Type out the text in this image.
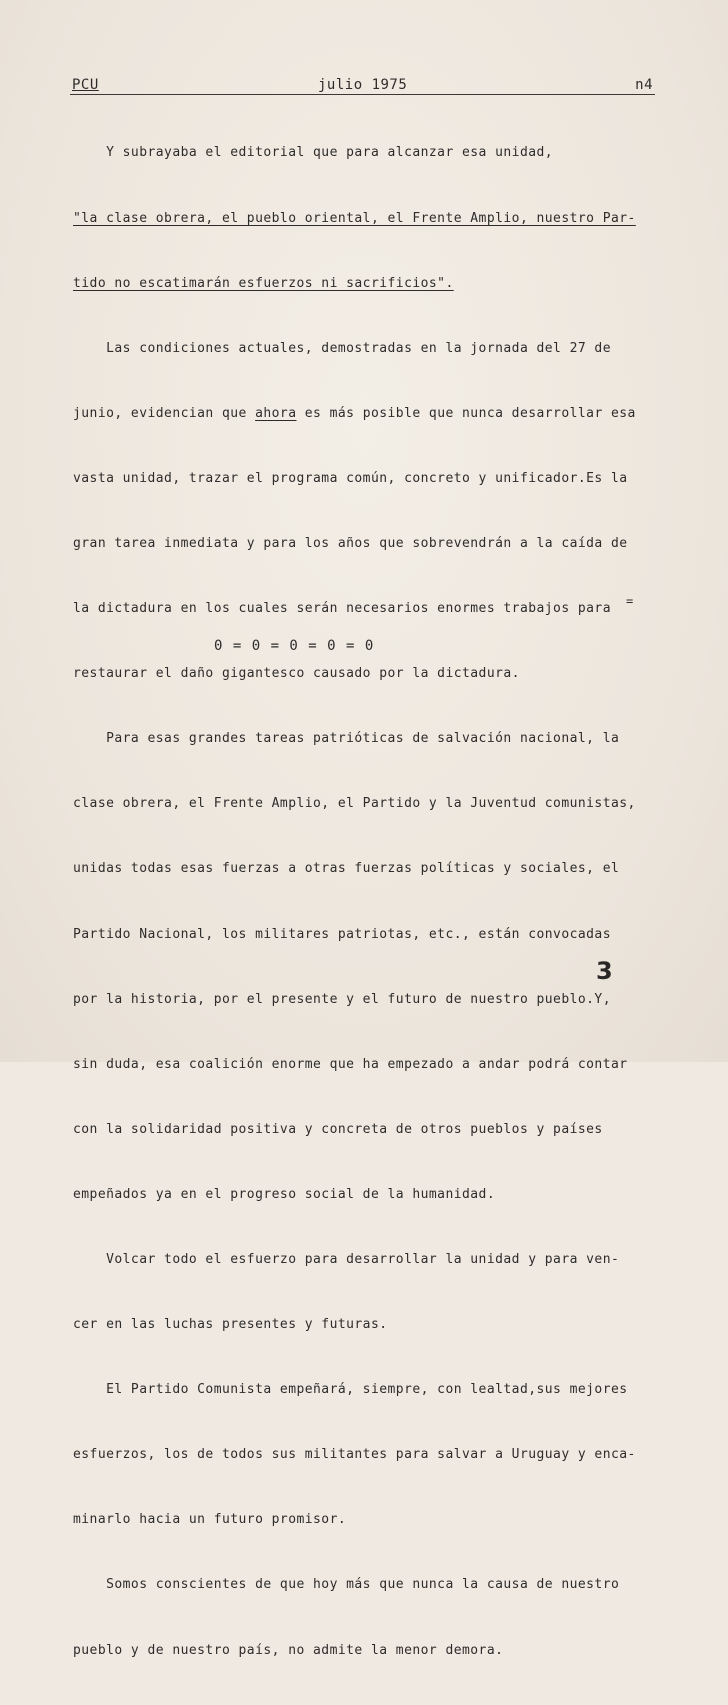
PCU	julio 1975	n4

Y subrayaba el editorial que para alcanzar esa unidad,

"la clase obrera, el pueblo oriental, el Frente Amplio, nuestro Par-

tido no escatimarán esfuerzos ni sacrificios".

Las condiciones actuales, demostradas en la jornada del 27 de

junio, evidencian que ahora es más posible que nunca desarrollar esa

vasta unidad, trazar el programa común, concreto y unificador.Es la

gran tarea inmediata y para los años que sobrevendrán a la caída de

la dictadura en los cuales serán necesarios enormes trabajos para

restaurar el daño gigantesco causado por la dictadura.

Para esas grandes tareas patrióticas de salvación nacional, la

clase obrera, el Frente Amplio, el Partido y la Juventud comunistas,

unidas todas esas fuerzas a otras fuerzas políticas y sociales, el

Partido Nacional, los militares patriotas, etc., están convocadas

por la historia, por el presente y el futuro de nuestro pueblo.Y,

sin duda, esa coalición enorme que ha empezado a andar podrá contar

con la solidaridad positiva y concreta de otros pueblos y países

empeñados ya en el progreso social de la humanidad.

Volcar todo el esfuerzo para desarrollar la unidad y para ven-

cer en las luchas presentes y futuras.

El Partido Comunista empeñará, siempre, con lealtad,sus mejores

esfuerzos, los de todos sus militantes para salvar a Uruguay y enca-

minarlo hacia un futuro promisor.

Somos conscientes de que hoy más que nunca la causa de nuestro

pueblo y de nuestro país, no admite la menor demora.

=
0 = 0 = 0 = 0 = 0
3
